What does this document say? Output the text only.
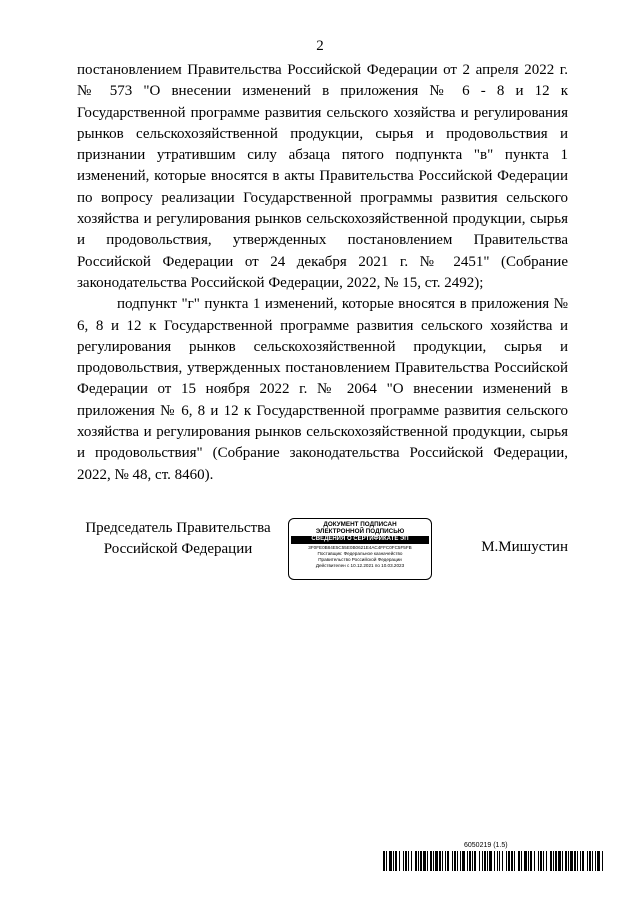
2

постановлением Правительства Российской Федерации от 2 апреля 2022 г. № 573 "О внесении изменений в приложения № 6 - 8 и 12 к Государственной программе развития сельского хозяйства и регулирования рынков сельскохозяйственной продукции, сырья и продовольствия и признании утратившим силу абзаца пятого подпункта "в" пункта 1 изменений, которые вносятся в акты Правительства Российской Федерации по вопросу реализации Государственной программы развития сельского хозяйства и регулирования рынков сельскохозяйственной продукции, сырья и продовольствия, утвержденных постановлением Правительства Российской Федерации от 24 декабря 2021 г. № 2451" (Собрание законодательства Российской Федерации, 2022, № 15, ст. 2492);

подпункт "г" пункта 1 изменений, которые вносятся в приложения № 6, 8 и 12 к Государственной программе развития сельского хозяйства и регулирования рынков сельскохозяйственной продукции, сырья и продовольствия, утвержденных постановлением Правительства Российской Федерации от 15 ноября 2022 г. № 2064 "О внесении изменений в приложения № 6, 8 и 12 к Государственной программе развития сельского хозяйства и регулирования рынков сельскохозяйственной продукции, сырья и продовольствия" (Собрание законодательства Российской Федерации, 2022, № 48, ст. 8460).

Председатель Правительства
Российской Федерации
ДОКУМЕНТ ПОДПИСАН
ЭЛЕКТРОННОЙ ПОДПИСЬЮ
СВЕДЕНИЯ О СЕРТИФИКАТЕ ЭП
3F0FE0B84E5C55E0B0621E4AC4FFC0FC5F5FB
Поставщик: Федеральное казначейство
Правительство Российской Федерации
Действителен с 10.12.2021 по 10.03.2023
М.Мишустин
6050219 (1.5)
